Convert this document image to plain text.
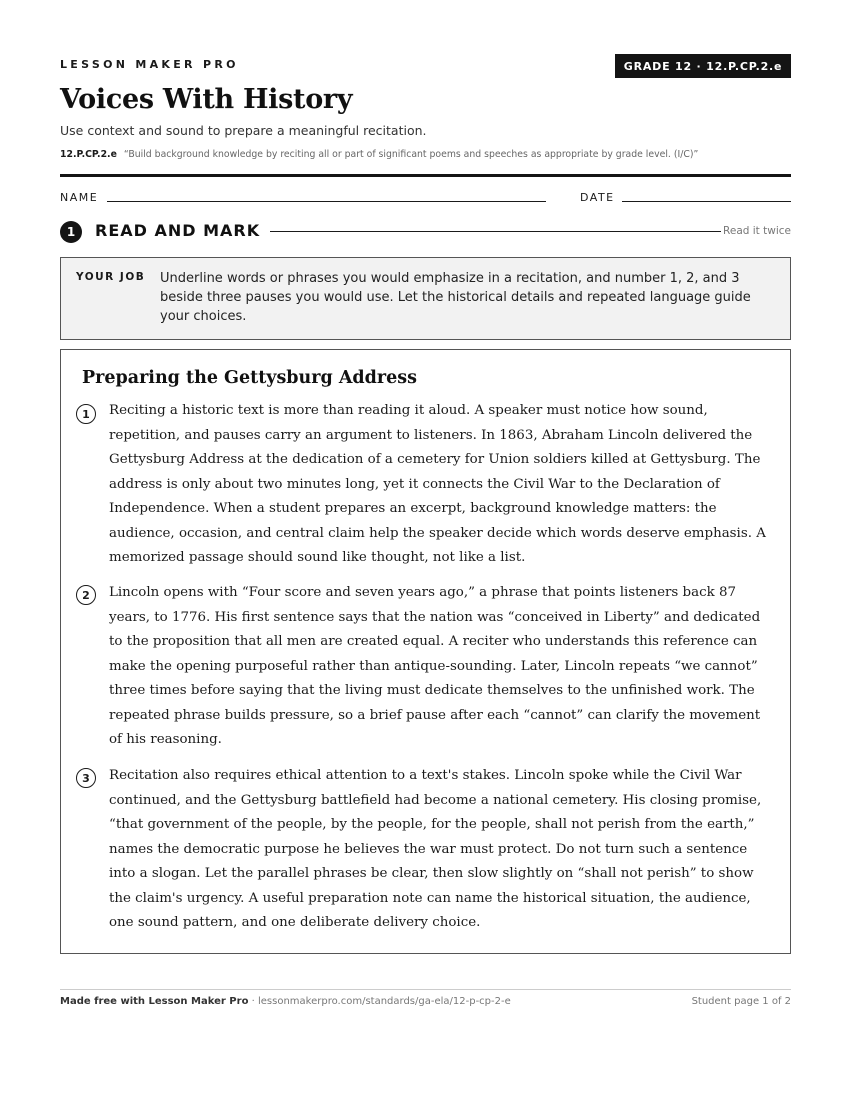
LESSON MAKER PRO	GRADE 12 · 12.P.CP.2.e
Voices With History
Use context and sound to prepare a meaningful recitation.
12.P.CP.2.e “Build background knowledge by reciting all or part of significant poems and speeches as appropriate by grade level. (I/C)”
NAME	DATE
1	READ AND MARK	Read it twice
YOUR JOB Underline words or phrases you would emphasize in a recitation, and number 1, 2, and 3 beside three pauses you would use. Let the historical details and repeated language guide your choices.
Preparing the Gettysburg Address
1	Reciting a historic text is more than reading it aloud. A speaker must notice how sound, repetition, and pauses carry an argument to listeners. In 1863, Abraham Lincoln delivered the Gettysburg Address at the dedication of a cemetery for Union soldiers killed at Gettysburg. The address is only about two minutes long, yet it connects the Civil War to the Declaration of Independence. When a student prepares an excerpt, background knowledge matters: the audience, occasion, and central claim help the speaker decide which words deserve emphasis. A memorized passage should sound like thought, not like a list.

2	Lincoln opens with “Four score and seven years ago,” a phrase that points listeners back 87 years, to 1776. His first sentence says that the nation was “conceived in Liberty” and dedicated to the proposition that all men are created equal. A reciter who understands this reference can make the opening purposeful rather than antique-sounding. Later, Lincoln repeats “we cannot” three times before saying that the living must dedicate themselves to the unfinished work. The repeated phrase builds pressure, so a brief pause after each “cannot” can clarify the movement of his reasoning.

3	Recitation also requires ethical attention to a text's stakes. Lincoln spoke while the Civil War continued, and the Gettysburg battlefield had become a national cemetery. His closing promise, “that government of the people, by the people, for the people, shall not perish from the earth,” names the democratic purpose he believes the war must protect. Do not turn such a sentence into a slogan. Let the parallel phrases be clear, then slow slightly on “shall not perish” to show the claim's urgency. A useful preparation note can name the historical situation, the audience, one sound pattern, and one deliberate delivery choice.

Made free with Lesson Maker Pro · lessonmakerpro.com/standards/ga-ela/12-p-cp-2-e	Student page 1 of 2
